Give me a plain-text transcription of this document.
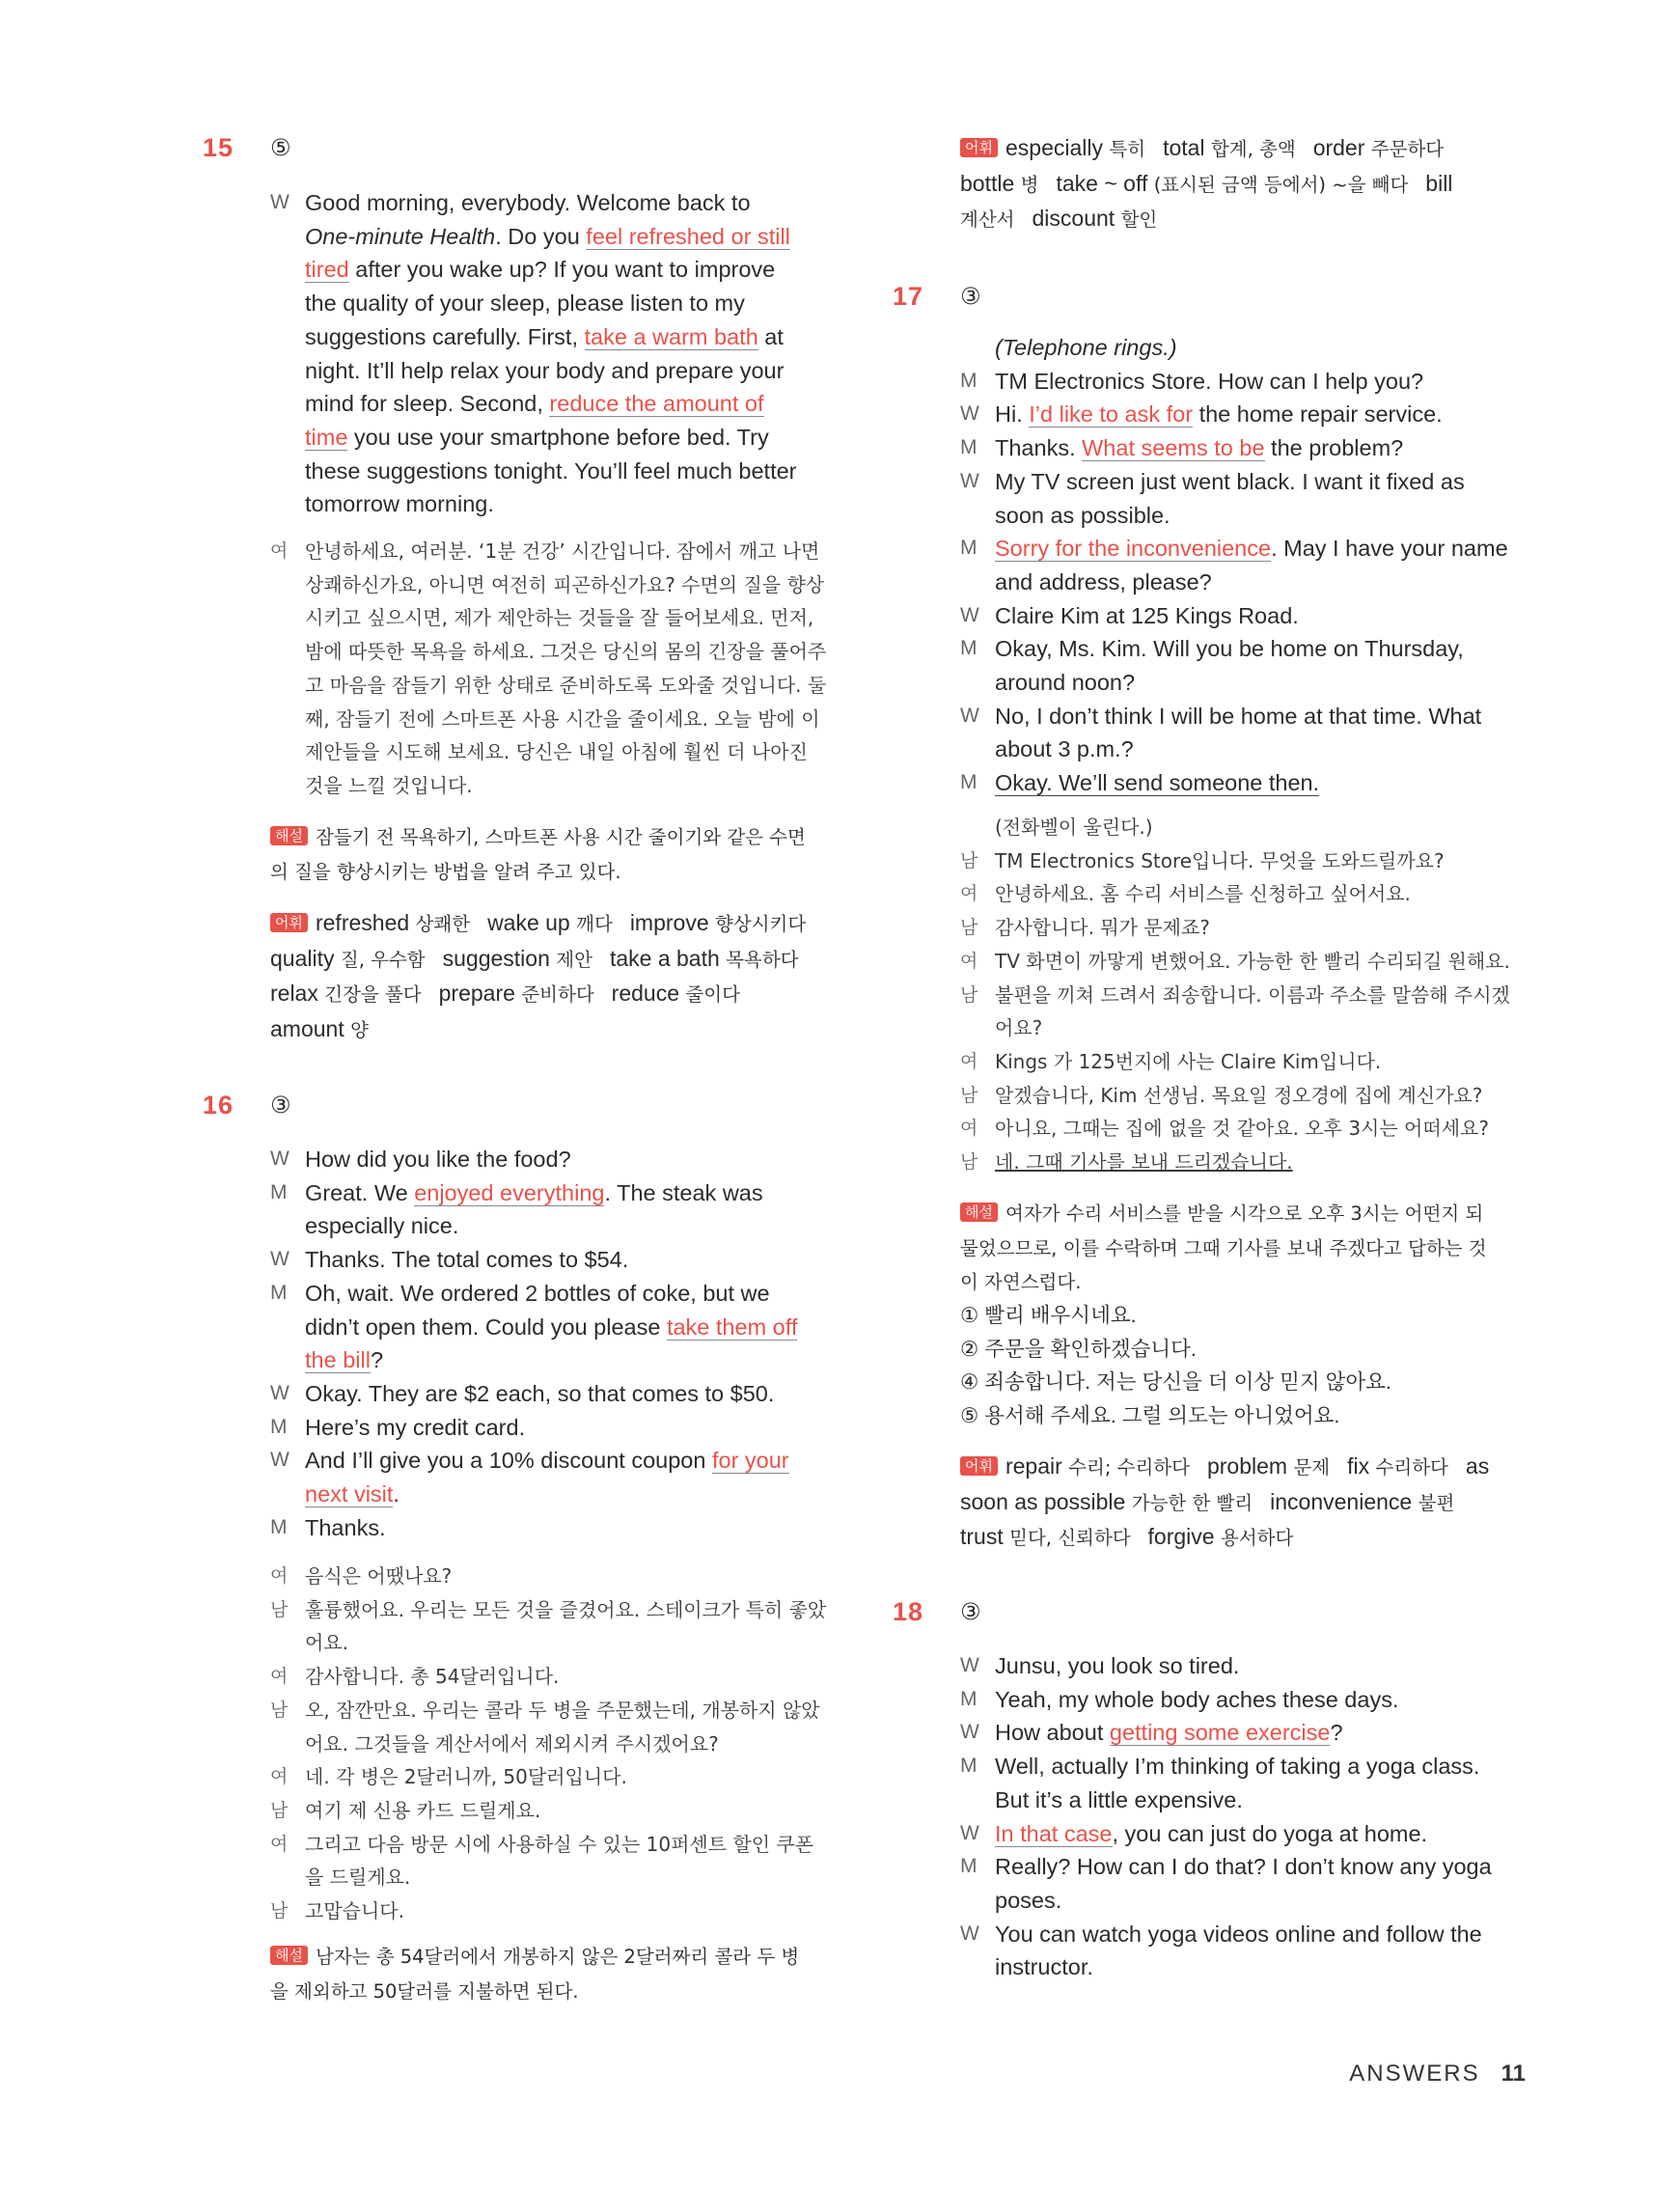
15	⑤
W Good morning, everybody. Welcome back to
One-minute Health. Do you feel refreshed or still
tired after you wake up? If you want to improve
the quality of your sleep, please listen to my
suggestions carefully. First, take a warm bath at
night. It’ll help relax your body and prepare your
mind for sleep. Second, reduce the amount of
time you use your smartphone before bed. Try
these suggestions tonight. You’ll feel much better
tomorrow morning.
여 안녕하세요, 여러분. ‘1분 건강’ 시간입니다. 잠에서 깨고 나면
상쾌하신가요, 아니면 여전히 피곤하신가요? 수면의 질을 향상
시키고 싶으시면, 제가 제안하는 것들을 잘 들어보세요. 먼저,
밤에 따뜻한 목욕을 하세요. 그것은 당신의 몸의 긴장을 풀어주
고 마음을 잠들기 위한 상태로 준비하도록 도와줄 것입니다. 둘
째, 잠들기 전에 스마트폰 사용 시간을 줄이세요. 오늘 밤에 이
제안들을 시도해 보세요. 당신은 내일 아침에 훨씬 더 나아진
것을 느낄 것입니다.
해설 잠들기 전 목욕하기, 스마트폰 사용 시간 줄이기와 같은 수면
의 질을 향상시키는 방법을 알려 주고 있다.
어휘 refreshed 상쾌한 wake up 깨다 improve 향상시키다
quality 질, 우수함 suggestion 제안 take a bath 목욕하다
relax 긴장을 풀다 prepare 준비하다 reduce 줄이다
amount 양
16	③
W How did you like the food?
M Great. We enjoyed everything. The steak was
especially nice.
W Thanks. The total comes to $54.
M Oh, wait. We ordered 2 bottles of coke, but we
didn’t open them. Could you please take them off
the bill?
W Okay. They are $2 each, so that comes to $50.
M Here’s my credit card.
W And I’ll give you a 10% discount coupon for your
next visit.
M Thanks.
여 음식은 어땠나요?
남 훌륭했어요. 우리는 모든 것을 즐겼어요. 스테이크가 특히 좋았
어요.
여 감사합니다. 총 54달러입니다.
남 오, 잠깐만요. 우리는 콜라 두 병을 주문했는데, 개봉하지 않았
어요. 그것들을 계산서에서 제외시켜 주시겠어요?
여 네. 각 병은 2달러니까, 50달러입니다.
남 여기 제 신용 카드 드릴게요.
여 그리고 다음 방문 시에 사용하실 수 있는 10퍼센트 할인 쿠폰
을 드릴게요.
남 고맙습니다.
해설 남자는 총 54달러에서 개봉하지 않은 2달러짜리 콜라 두 병
을 제외하고 50달러를 지불하면 된다.
어휘 especially 특히 total 합계, 총액 order 주문하다
bottle 병 take ~ off (표시된 금액 등에서) ~을 빼다 bill
계산서 discount 할인
17	③
(Telephone rings.)
M TM Electronics Store. How can I help you?
W Hi. I’d like to ask for the home repair service.
M Thanks. What seems to be the problem?
W My TV screen just went black. I want it fixed as
soon as possible.
M Sorry for the inconvenience. May I have your name
and address, please?
W Claire Kim at 125 Kings Road.
M Okay, Ms. Kim. Will you be home on Thursday,
around noon?
W No, I don’t think I will be home at that time. What
about 3 p.m.?
M Okay. We’ll send someone then.
(전화벨이 울린다.)
남 TM Electronics Store입니다. 무엇을 도와드릴까요?
여 안녕하세요. 홈 수리 서비스를 신청하고 싶어서요.
남 감사합니다. 뭐가 문제죠?
여 TV 화면이 까맣게 변했어요. 가능한 한 빨리 수리되길 원해요.
남 불편을 끼쳐 드려서 죄송합니다. 이름과 주소를 말씀해 주시겠
어요?
여 Kings 가 125번지에 사는 Claire Kim입니다.
남 알겠습니다, Kim 선생님. 목요일 정오경에 집에 계신가요?
여 아니요, 그때는 집에 없을 것 같아요. 오후 3시는 어떠세요?
남 네. 그때 기사를 보내 드리겠습니다.
해설 여자가 수리 서비스를 받을 시각으로 오후 3시는 어떤지 되
물었으므로, 이를 수락하며 그때 기사를 보내 주겠다고 답하는 것
이 자연스럽다.
① 빨리 배우시네요.
② 주문을 확인하겠습니다.
④ 죄송합니다. 저는 당신을 더 이상 믿지 않아요.
⑤ 용서해 주세요. 그럴 의도는 아니었어요.
어휘 repair 수리; 수리하다 problem 문제 fix 수리하다 as
soon as possible 가능한 한 빨리 inconvenience 불편
trust 믿다, 신뢰하다 forgive 용서하다
18	③
W Junsu, you look so tired.
M Yeah, my whole body aches these days.
W How about getting some exercise?
M Well, actually I’m thinking of taking a yoga class.
But it’s a little expensive.
W In that case, you can just do yoga at home.
M Really? How can I do that? I don’t know any yoga
poses.
W You can watch yoga videos online and follow the
instructor.
ANSWERS 11
